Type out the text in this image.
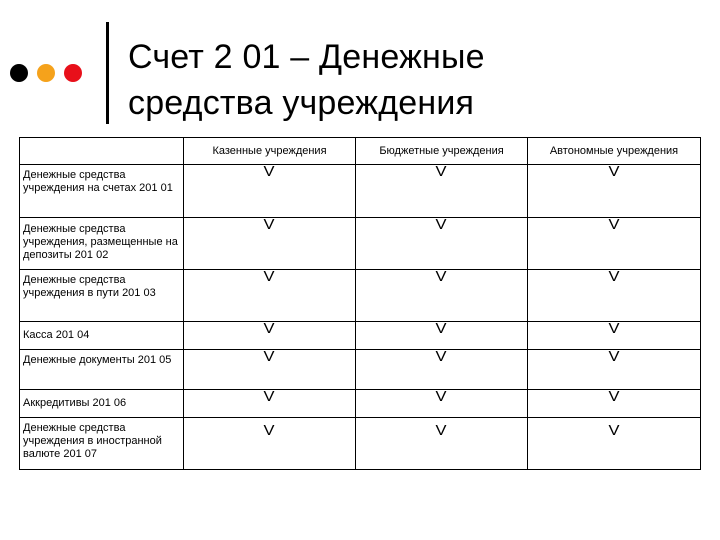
Счет 2 01 – Денежные
средства учреждения
	Казенные учреждения	Бюджетные учреждения	Автономные учреждения
Денежные средства учреждения на счетах 201 01	V	V	V
Денежные средства учреждения, размещенные на депозиты 201 02	V	V	V
Денежные средства учреждения в пути 201 03	V	V	V
Касса 201 04	V	V	V
Денежные документы 201 05	V	V	V
Аккредитивы 201 06	V	V	V
Денежные средства учреждения в иностранной валюте 201 07	V	V	V
